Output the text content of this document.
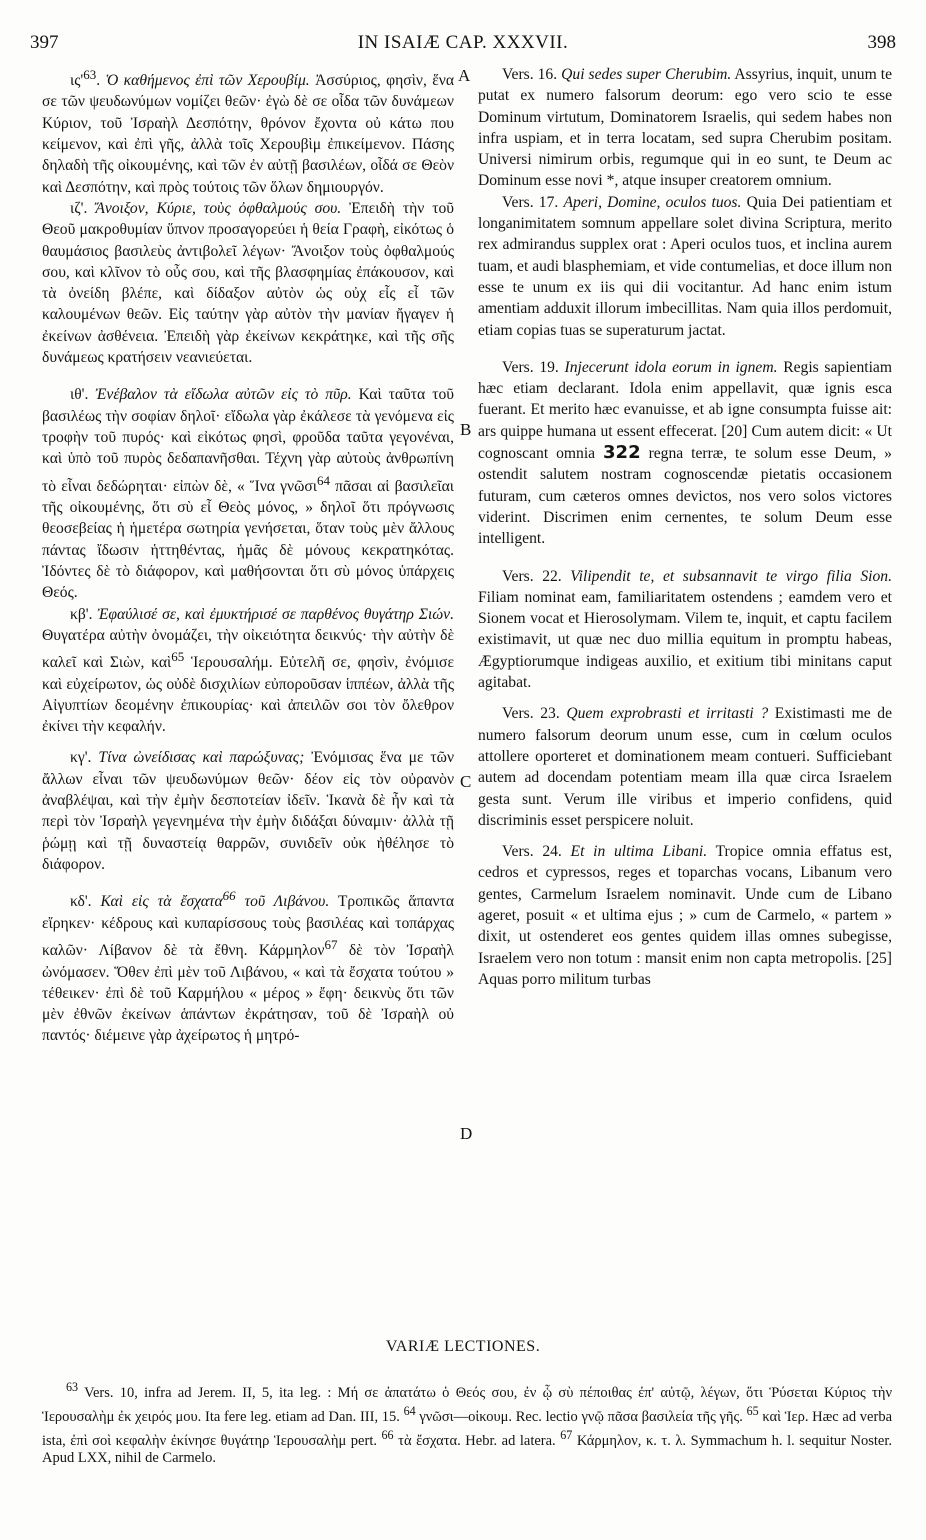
397	IN ISAIÆ CAP. XXXVII.	398
A
B
C
D

$\iota\varsigma'^{63}$. Ὁ καθήμενος ἐπὶ τῶν Χερουβίμ. Ἀσσύριος, φησὶν, ἕνα σε τῶν ψευδωνύμων νομίζει θεῶν· ἐγὼ δὲ σε οἶδα τῶν δυνάμεων Κύριον, τοῦ Ἰσραὴλ Δεσπότην, θρόνον ἔχοντα οὐ κάτω που κείμενον, καὶ ἐπὶ γῆς, ἀλλὰ τοῖς Χερουβὶμ ἐπικείμενον. Πάσης δηλαδὴ τῆς οἰκουμένης, καὶ τῶν ἐν αὐτῇ βασιλέων, οἶδά σε Θεὸν καὶ Δεσπότην, καὶ πρὸς τούτοις τῶν ὅλων δημιουργόν.

ιζ'. Ἄνοιξον, Κύριε, τοὺς ὀφθαλμούς σου. Ἐπειδὴ τὴν τοῦ Θεοῦ μακροθυμίαν ὕπνον προσαγορεύει ἡ θεία Γραφὴ, εἰκότως ὁ θαυμάσιος βασιλεὺς ἀντιβολεῖ λέγων· Ἄνοιξον τοὺς ὀφθαλμούς σου, καὶ κλῖνον τὸ οὖς σου, καὶ τῆς βλασφημίας ἐπάκουσον, καὶ τὰ ὀνείδη βλέπε, καὶ δίδαξον αὐτὸν ὡς οὐχ εἷς εἶ τῶν καλουμένων θεῶν. Εἰς ταύτην γὰρ αὐτὸν τὴν μανίαν ἤγαγεν ἡ ἐκείνων ἀσθένεια. Ἐπειδὴ γὰρ ἐκείνων κεκράτηκε, καὶ τῆς σῆς δυνάμεως κρατήσειν νεανιεύεται.

ιθ'. Ἐνέβαλον τὰ εἴδωλα αὐτῶν εἰς τὸ πῦρ. Καὶ ταῦτα τοῦ βασιλέως τὴν σοφίαν δηλοῖ· εἴδωλα γὰρ ἐκάλεσε τὰ γενόμενα εἰς τροφὴν τοῦ πυρός· καὶ εἰκότως φησὶ, φροῦδα ταῦτα γεγονέναι, καὶ ὑπὸ τοῦ πυρὸς δεδαπανῆσθαι. Τέχνη γὰρ αὐτοὺς ἀνθρωπίνη τὸ εἶναι δεδώρηται· εἰπὼν δὲ, « Ἵνα γνῶσι$^{64}$ πᾶσαι αἱ βασιλεῖαι τῆς οἰκουμένης, ὅτι σὺ εἶ Θεὸς μόνος, » δηλοῖ ὅτι πρόγνωσις θεοσεβείας ἡ ἡμετέρα σωτηρία γενήσεται, ὅταν τοὺς μὲν ἄλλους πάντας ἴδωσιν ἡττηθέντας, ἡμᾶς δὲ μόνους κεκρατηκότας. Ἰδόντες δὲ τὸ διάφορον, καὶ μαθήσονται ὅτι σὺ μόνος ὑπάρχεις Θεός.

κβ'. Ἐφαύλισέ σε, καὶ ἐμυκτήρισέ σε παρθένος θυγάτηρ Σιών. Θυγατέρα αὐτὴν ὀνομάζει, τὴν οἰκειότητα δεικνύς· τὴν αὐτὴν δὲ καλεῖ καὶ Σιὼν, καὶ$^{65}$ Ἱερουσαλήμ. Εὐτελῆ σε, φησὶν, ἐνόμισε καὶ εὐχείρωτον, ὡς οὐδὲ δισχιλίων εὐποροῦσαν ἱππέων, ἀλλὰ τῆς Αἰγυπτίων δεομένην ἐπικουρίας· καὶ ἀπειλῶν σοι τὸν ὄλεθρον ἐκίνει τὴν κεφαλήν.

κγ'. Τίνα ὠνείδισας καὶ παρώξυνας; Ἐνόμισας ἕνα με τῶν ἄλλων εἶναι τῶν ψευδωνύμων θεῶν· δέον εἰς τὸν οὐρανὸν ἀναβλέψαι, καὶ τὴν ἐμὴν δεσποτείαν ἰδεῖν. Ἱκανὰ δὲ ἦν καὶ τὰ περὶ τὸν Ἰσραὴλ γεγενημένα τὴν ἐμὴν διδάξαι δύναμιν· ἀλλὰ τῇ ῥώμῃ καὶ τῇ δυναστείᾳ θαρρῶν, συνιδεῖν οὐκ ἠθέλησε τὸ διάφορον.

κδ'. Καὶ εἰς τὰ ἔσχατα$^{66}$ τοῦ Λιβάνου. Τροπικῶς ἅπαντα εἴρηκεν· κέδρους καὶ κυπαρίσσους τοὺς βασιλέας καὶ τοπάρχας καλῶν· Λίβανον δὲ τὰ ἔθνη. Κάρμηλον$^{67}$ δὲ τὸν Ἰσραὴλ ὠνόμασεν. Ὅθεν ἐπὶ μὲν τοῦ Λιβάνου, « καὶ τὰ ἔσχατα τούτου » τέθεικεν· ἐπὶ δὲ τοῦ Καρμήλου « μέρος » ἔφη· δεικνὺς ὅτι τῶν μὲν ἐθνῶν ἐκείνων ἁπάντων ἐκράτησαν, τοῦ δὲ Ἰσραὴλ οὐ παντός· διέμεινε γὰρ ἀχείρωτος ἡ μητρό-

Vers. 16. Qui sedes super Cherubim. Assyrius, inquit, unum te putat ex numero falsorum deorum: ego vero scio te esse Dominum virtutum, Dominatorem Israelis, qui sedem habes non infra uspiam, et in terra locatam, sed supra Cherubim positam. Universi nimirum orbis, regumque qui in eo sunt, te Deum ac Dominum esse novi *, atque insuper creatorem omnium.

Vers. 17. Aperi, Domine, oculos tuos. Quia Dei patientiam et longanimitatem somnum appellare solet divina Scriptura, merito rex admirandus supplex orat : Aperi oculos tuos, et inclina aurem tuam, et audi blasphemiam, et vide contumelias, et doce illum non esse te unum ex iis qui dii vocitantur. Ad hanc enim istum amentiam adduxit illorum imbecillitas. Nam quia illos perdomuit, etiam copias tuas se superaturum jactat.

Vers. 19. Injecerunt idola eorum in ignem. Regis sapientiam hæc etiam declarant. Idola enim appellavit, quæ ignis esca fuerant. Et merito hæc evanuisse, et ab igne consumpta fuisse ait: ars quippe humana ut essent effecerat. [20] Cum autem dicit: « Ut cognoscant omnia 322 regna terræ, te solum esse Deum, » ostendit salutem nostram cognoscendæ pietatis occasionem futuram, cum cæteros omnes devictos, nos vero solos victores viderint. Discrimen enim cernentes, te solum Deum esse intelligent.

Vers. 22. Vilipendit te, et subsannavit te virgo filia Sion. Filiam nominat eam, familiaritatem ostendens ; eamdem vero et Sionem vocat et Hierosolymam. Vilem te, inquit, et captu facilem existimavit, ut quæ nec duo millia equitum in promptu habeas, Ægyptiorumque indigeas auxilio, et exitium tibi minitans caput agitabat.

Vers. 23. Quem exprobrasti et irritasti ? Existimasti me de numero falsorum deorum unum esse, cum in cœlum oculos attollere oporteret et dominationem meam contueri. Sufficiebant autem ad docendam potentiam meam illa quæ circa Israelem gesta sunt. Verum ille viribus et imperio confidens, quid discriminis esset perspicere noluit.

Vers. 24. Et in ultima Libani. Tropice omnia effatus est, cedros et cypressos, reges et toparchas vocans, Libanum vero gentes, Carmelum Israelem nominavit. Unde cum de Libano ageret, posuit « et ultima ejus ; » cum de Carmelo, « partem » dixit, ut ostenderet eos gentes quidem illas omnes subegisse, Israelem vero non totum : mansit enim non capta metropolis. [25] Aquas porro militum turbas

VARIÆ LECTIONES.
$^{63}$ Vers. 10, infra ad Jerem. II, 5, ita leg. : Μή σε ἀπατάτω ὁ Θεός σου, ἐν ᾧ σὺ πέποιθας ἐπ' αὐτῷ, λέγων, ὅτι Ῥύσεται Κύριος τὴν Ἱερουσαλὴμ ἐκ χειρός μου. Ita fere leg. etiam ad Dan. III, 15. $^{64}$ γνῶσι—οἰκουμ. Rec. lectio γνῷ πᾶσα βασιλεία τῆς γῆς. $^{65}$ καὶ Ἱερ. Hæc ad verba ista, ἐπὶ σοὶ κεφαλὴν ἐκίνησε θυγάτηρ Ἱερουσαλὴμ pert. $^{66}$ τὰ ἔσχατα. Hebr. ad latera. $^{67}$ Κάρμηλον, κ. τ. λ. Symmachum h. l. sequitur Noster. Apud LXX, nihil de Carmelo.
